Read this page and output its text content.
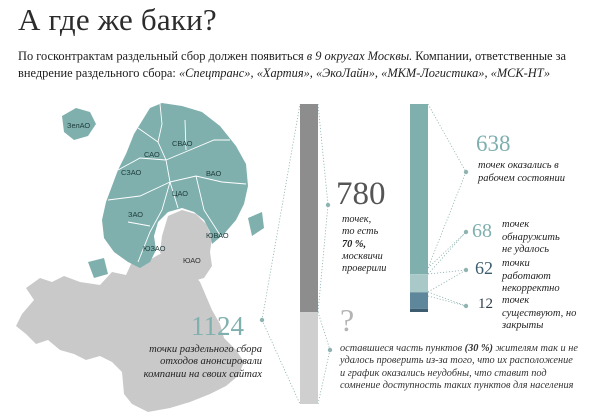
А где же баки?
По госконтрактам раздельный сбор должен появиться в 9 округах Москвы. Компании, ответственные за внедрение раздельного сбора: «Спецтранс», «Хартия», «ЭкоЛайн», «МКМ-Логистика», «МСК-НТ»
ЗелАО
САО
СВАО
СЗАО	ВАО
ЦАО
ЗАО
ЮВАО
ЮЗАО
ЮАО
1124
точки раздельного сбора отходов анонсировали компании на своих сайтах
780
точек,
то есть
70 %,
москвичи проверили
?
оставшиеся часть пунктов (30 %) жителям так и не удалось проверить из-за того, что их расположение и график оказались неудобны, что ставит под сомнение доступность таких пунктов для населения
638
точек оказались в рабочем состоянии
68 точек обнаружить не удалось
62 точки работают некорректно
12 точек существуют, но закрыты
